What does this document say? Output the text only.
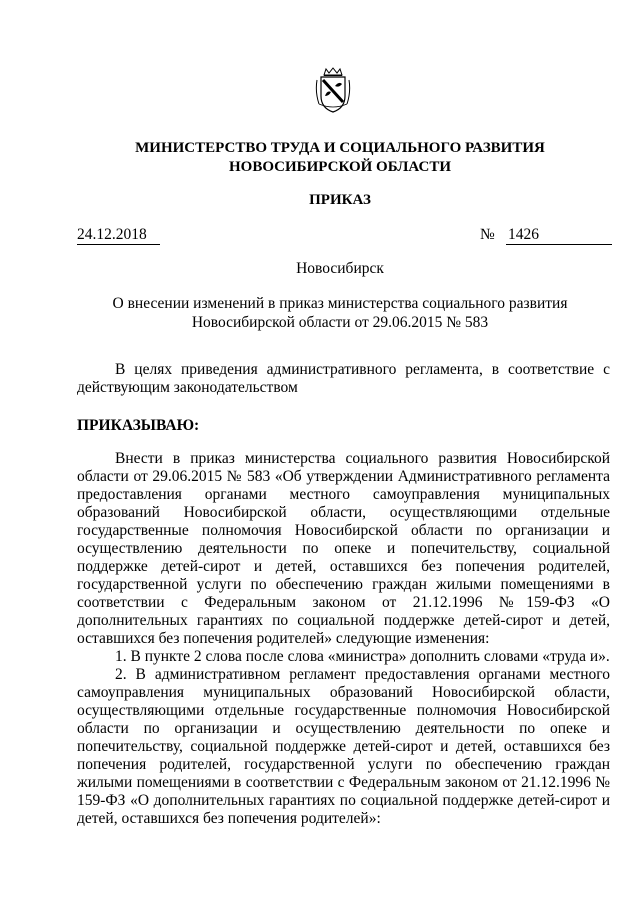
МИНИСТЕРСТВО ТРУДА И СОЦИАЛЬНОГО РАЗВИТИЯ
НОВОСИБИРСКОЙ ОБЛАСТИ
ПРИКАЗ
24.12.2018	№ 1426
Новосибирск
О внесении изменений в приказ министерства социального развития
Новосибирской области от 29.06.2015 № 583

В целях приведения административного регламента, в соответствие с действующим законодательством

ПРИКАЗЫВАЮ:

Внести в приказ министерства социального развития Новосибирской области от 29.06.2015 № 583 «Об утверждении Административного регламента предоставления органами местного самоуправления муниципальных образований Новосибирской области, осуществляющими отдельные государственные полномочия Новосибирской области по организации и осуществлению деятельности по опеке и попечительству, социальной поддержке детей-сирот и детей, оставшихся без попечения родителей, государственной услуги по обеспечению граждан жилыми помещениями в соответствии с Федеральным законом от 21.12.1996 №159-ФЗ «О дополнительных гарантиях по социальной поддержке детей-сирот и детей, оставшихся без попечения родителей» следующие изменения:

1. В пункте 2 слова после слова «министра» дополнить словами «труда и».

2. В административном регламент предоставления органами местного самоуправления муниципальных образований Новосибирской области, осуществляющими отдельные государственные полномочия Новосибирской области по организации и осуществлению деятельности по опеке и попечительству, социальной поддержке детей-сирот и детей, оставшихся без попечения родителей, государственной услуги по обеспечению граждан жилыми помещениями в соответствии с Федеральным законом от 21.12.1996 № 159-ФЗ «О дополнительных гарантиях по социальной поддержке детей-сирот и детей, оставшихся без попечения родителей»:
